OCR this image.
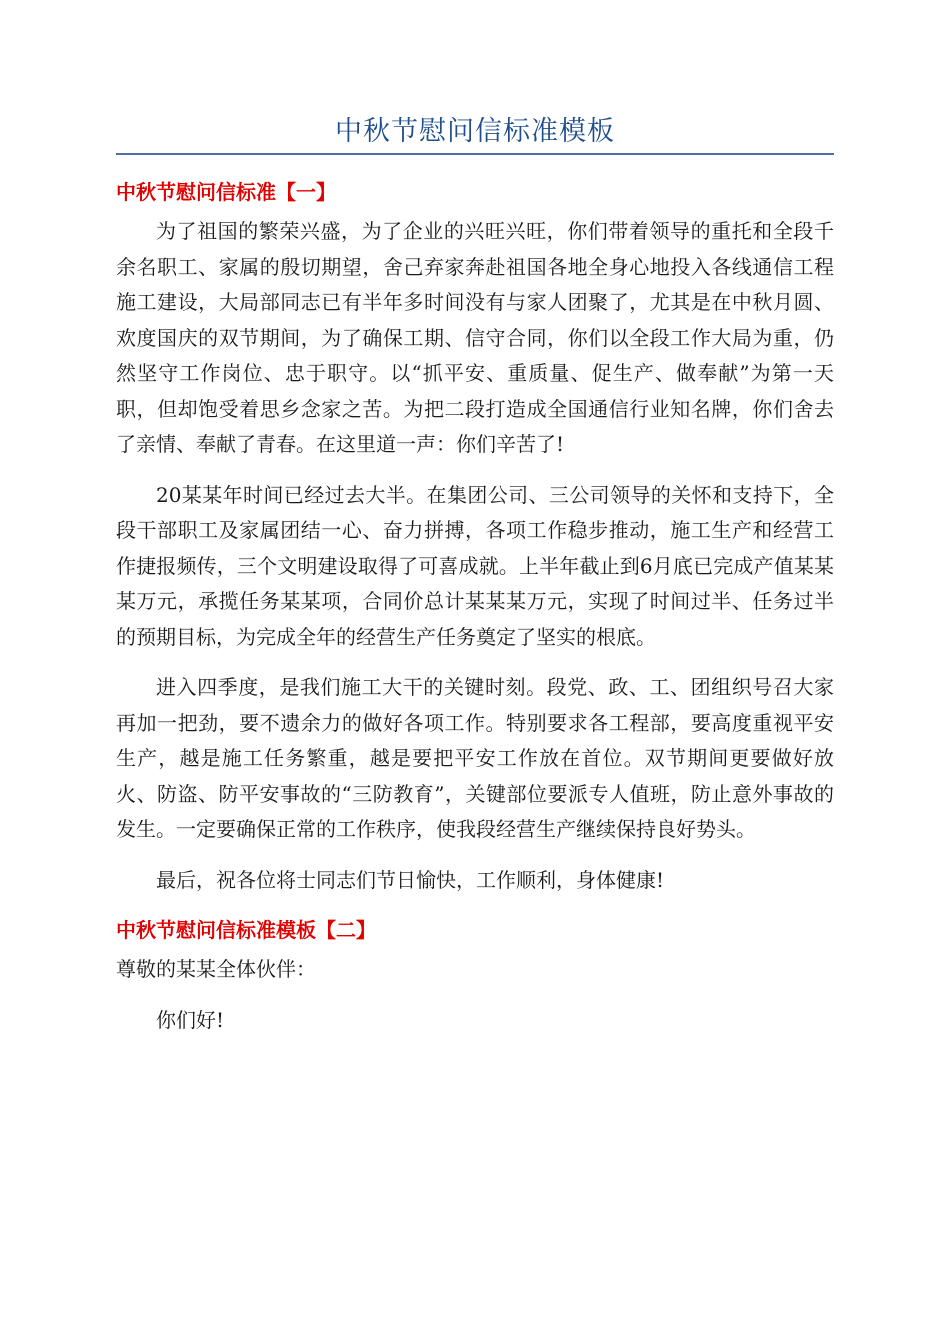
中秋节慰问信标准模板
中秋节慰问信标准【一】

为了祖国的繁荣兴盛，为了企业的兴旺兴旺，你们带着领导的重托和全段千余名职工、家属的殷切期望，舍己弃家奔赴祖国各地全身心地投入各线通信工程施工建设，大局部同志已有半年多时间没有与家人团聚了，尤其是在中秋月圆、欢度国庆的双节期间，为了确保工期、信守合同，你们以全段工作大局为重，仍然坚守工作岗位、忠于职守。以“抓平安、重质量、促生产、做奉献”为第一天职，但却饱受着思乡念家之苦。为把二段打造成全国通信行业知名牌，你们舍去了亲情、奉献了青春。在这里道一声：你们辛苦了!

20某某年时间已经过去大半。在集团公司、三公司领导的关怀和支持下，全段干部职工及家属团结一心、奋力拼搏，各项工作稳步推动，施工生产和经营工作捷报频传，三个文明建设取得了可喜成就。上半年截止到6月底已完成产值某某某万元，承揽任务某某项，合同价总计某某某万元，实现了时间过半、任务过半的预期目标，为完成全年的经营生产任务奠定了坚实的根底。

进入四季度，是我们施工大干的关键时刻。段党、政、工、团组织号召大家再加一把劲，要不遗余力的做好各项工作。特别要求各工程部，要高度重视平安生产，越是施工任务繁重，越是要把平安工作放在首位。双节期间更要做好放火、防盗、防平安事故的“三防教育”，关键部位要派专人值班，防止意外事故的发生。一定要确保正常的工作秩序，使我段经营生产继续保持良好势头。

最后，祝各位将士同志们节日愉快，工作顺利，身体健康!

中秋节慰问信标准模板【二】

尊敬的某某全体伙伴：

你们好!
